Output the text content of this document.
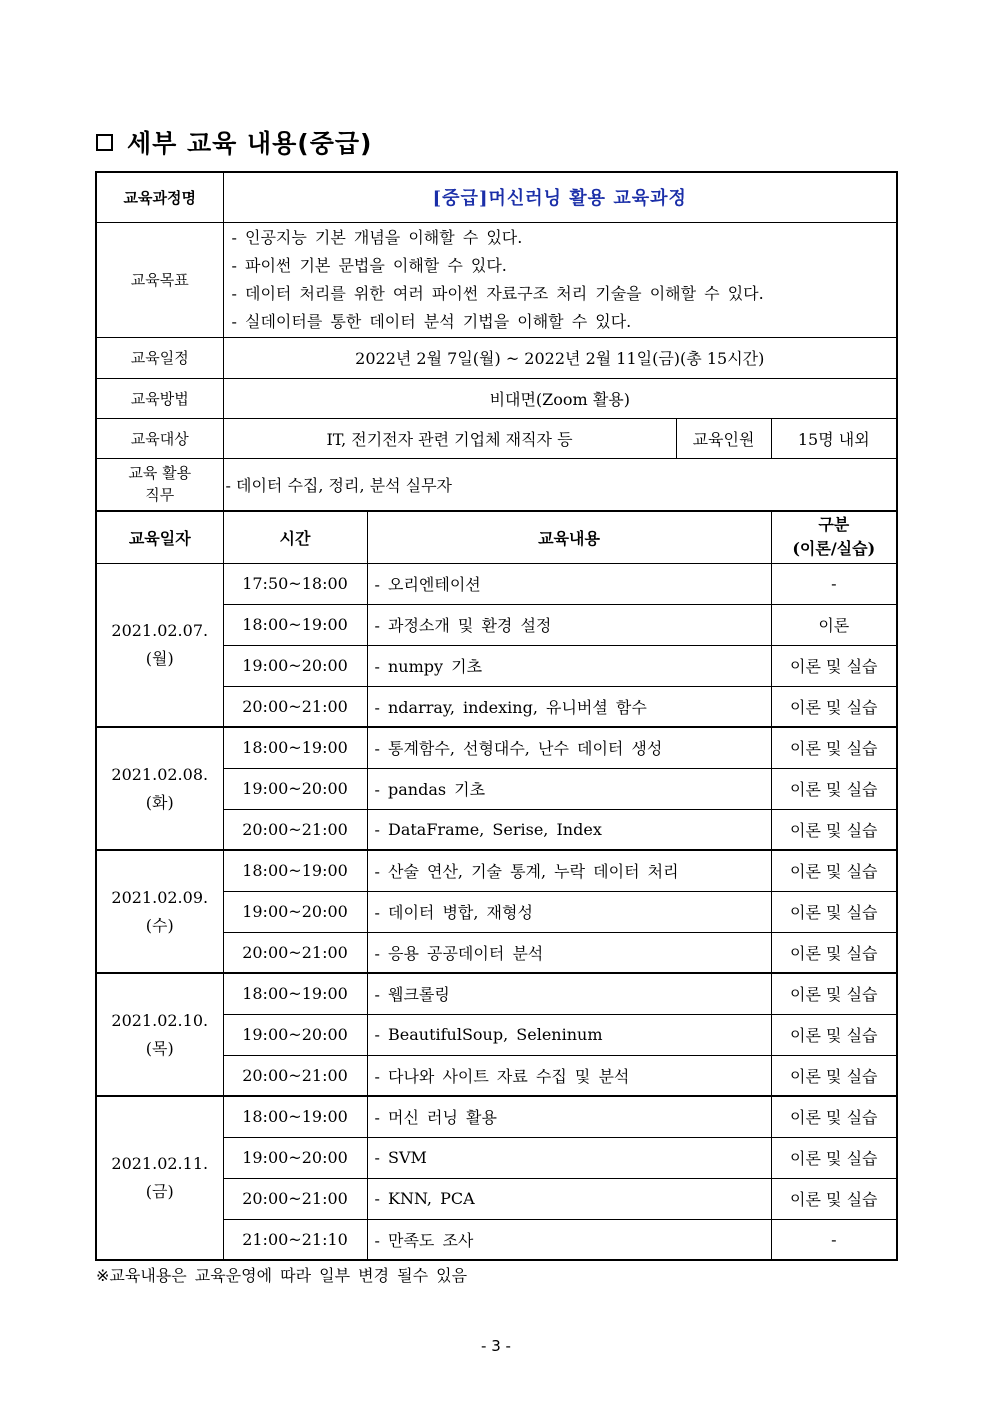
세부 교육 내용(중급)
교육과정명	[중급]머신러닝 활용 교육과정			
교육목표	- 인공지능 기본 개념을 이해할 수 있다.
- 파이썬 기본 문법을 이해할 수 있다.
- 데이터 처리를 위한 여러 파이썬 자료구조 처리 기술을 이해할 수 있다.
- 실데이터를 통한 데이터 분석 기법을 이해할 수 있다.			

교육일정	2022년 2월 7일(월) ~ 2022년 2월 11일(금)(총 15시간)			
교육방법	비대면(Zoom 활용)			
교육대상	IT, 전기전자 관련 기업체 재직자 등		교육인원	15명 내외

교육 활용
직무	- 데이터 수집, 정리, 분석 실무자			
교육일자	시간	교육내용		구분
(이론/실습)

2021.02.07.
(월)	17:50~18:00	- 오리엔테이션		-
	18:00~19:00	- 과정소개 및 환경 설정		이론
	19:00~20:00	- numpy 기초		이론 및 실습
	20:00~21:00	- ndarray, indexing, 유니버셜 함수		이론 및 실습

2021.02.08.
(화)	18:00~19:00	- 통계함수, 선형대수, 난수 데이터 생성		이론 및 실습
	19:00~20:00	- pandas 기초		이론 및 실습
	20:00~21:00	- DataFrame, Serise, Index		이론 및 실습

2021.02.09.
(수)	18:00~19:00	- 산술 연산, 기술 통계, 누락 데이터 처리		이론 및 실습
	19:00~20:00	- 데이터 병합, 재형성		이론 및 실습
	20:00~21:00	- 응용 공공데이터 분석		이론 및 실습

2021.02.10.
(목)	18:00~19:00	- 웹크롤링		이론 및 실습
	19:00~20:00	- BeautifulSoup, Seleninum		이론 및 실습
	20:00~21:00	- 다나와 사이트 자료 수집 및 분석		이론 및 실습

2021.02.11.
(금)	18:00~19:00	- 머신 러닝 활용		이론 및 실습
	19:00~20:00	- SVM		이론 및 실습
	20:00~21:00	- KNN, PCA		이론 및 실습
	21:00~21:10	- 만족도 조사		-
※교육내용은 교육운영에 따라 일부 변경 될수 있음
- 3 -
